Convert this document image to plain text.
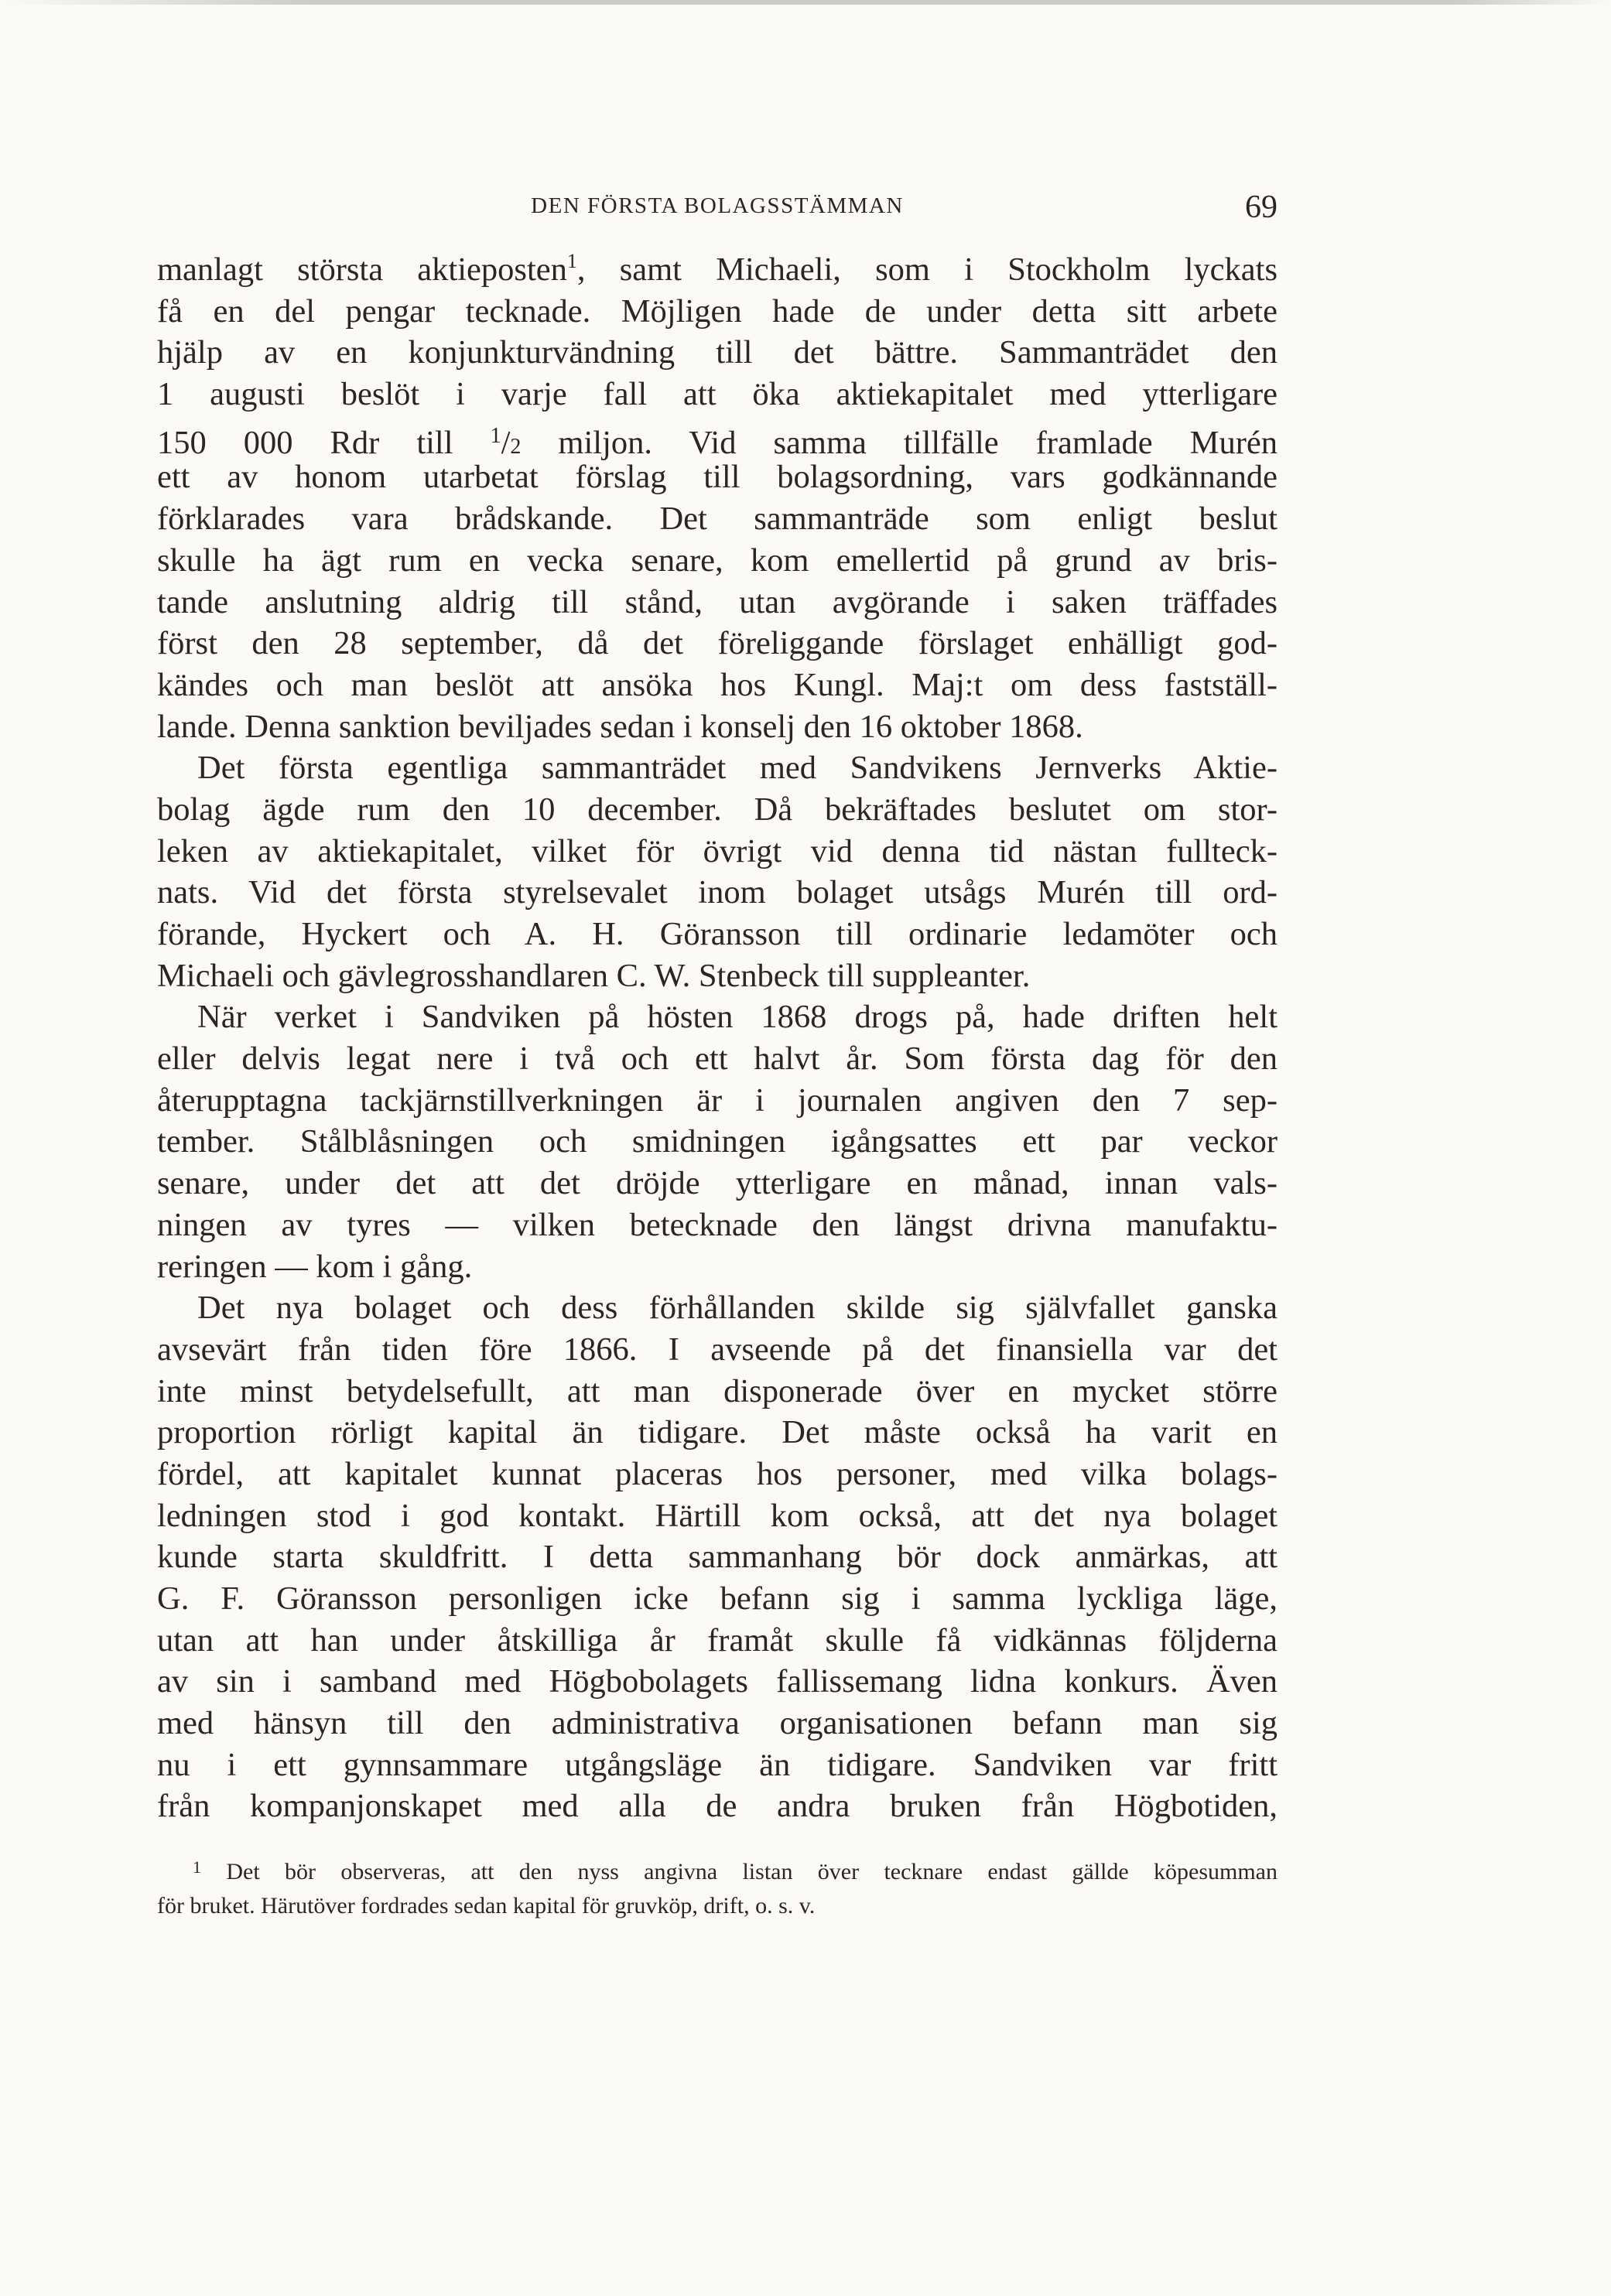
DEN FÖRSTA BOLAGSSTÄMMAN	69
manlagt största aktieposten$^1$, samt Michaeli, som i Stockholm lyckats
få en del pengar tecknade. Möjligen hade de under detta sitt arbete
hjälp av en konjunkturvändning till det bättre. Sammanträdet den
1 augusti beslöt i varje fall att öka aktiekapitalet med ytterligare
150 000 Rdr till $^1$/2 miljon. Vid samma tillfälle framlade Murén
ett av honom utarbetat förslag till bolagsordning, vars godkännande
förklarades vara brådskande. Det sammanträde som enligt beslut
skulle ha ägt rum en vecka senare, kom emellertid på grund av bris-
tande anslutning aldrig till stånd, utan avgörande i saken träffades
först den 28 september, då det föreliggande förslaget enhälligt god-
kändes och man beslöt att ansöka hos Kungl. Maj:t om dess fastställ-
lande. Denna sanktion beviljades sedan i konselj den 16 oktober 1868.
Det första egentliga sammanträdet med Sandvikens Jernverks Aktie-
bolag ägde rum den 10 december. Då bekräftades beslutet om stor-
leken av aktiekapitalet, vilket för övrigt vid denna tid nästan fullteck-
nats. Vid det första styrelsevalet inom bolaget utsågs Murén till ord-
förande, Hyckert och A. H. Göransson till ordinarie ledamöter och
Michaeli och gävlegrosshandlaren C. W. Stenbeck till suppleanter.
När verket i Sandviken på hösten 1868 drogs på, hade driften helt
eller delvis legat nere i två och ett halvt år. Som första dag för den
återupptagna tackjärnstillverkningen är i journalen angiven den 7 sep-
tember. Stålblåsningen och smidningen igångsattes ett par veckor
senare, under det att det dröjde ytterligare en månad, innan vals-
ningen av tyres — vilken betecknade den längst drivna manufaktu-
reringen — kom i gång.
Det nya bolaget och dess förhållanden skilde sig självfallet ganska
avsevärt från tiden före 1866. I avseende på det finansiella var det
inte minst betydelsefullt, att man disponerade över en mycket större
proportion rörligt kapital än tidigare. Det måste också ha varit en
fördel, att kapitalet kunnat placeras hos personer, med vilka bolags-
ledningen stod i god kontakt. Härtill kom också, att det nya bolaget
kunde starta skuldfritt. I detta sammanhang bör dock anmärkas, att
G. F. Göransson personligen icke befann sig i samma lyckliga läge,
utan att han under åtskilliga år framåt skulle få vidkännas följderna
av sin i samband med Högbobolagets fallissemang lidna konkurs. Även
med hänsyn till den administrativa organisationen befann man sig
nu i ett gynnsammare utgångsläge än tidigare. Sandviken var fritt
från kompanjonskapet med alla de andra bruken från Högbotiden,
$^1$ Det bör observeras, att den nyss angivna listan över tecknare endast gällde köpesumman
för bruket. Härutöver fordrades sedan kapital för gruvköp, drift, o. s. v.
